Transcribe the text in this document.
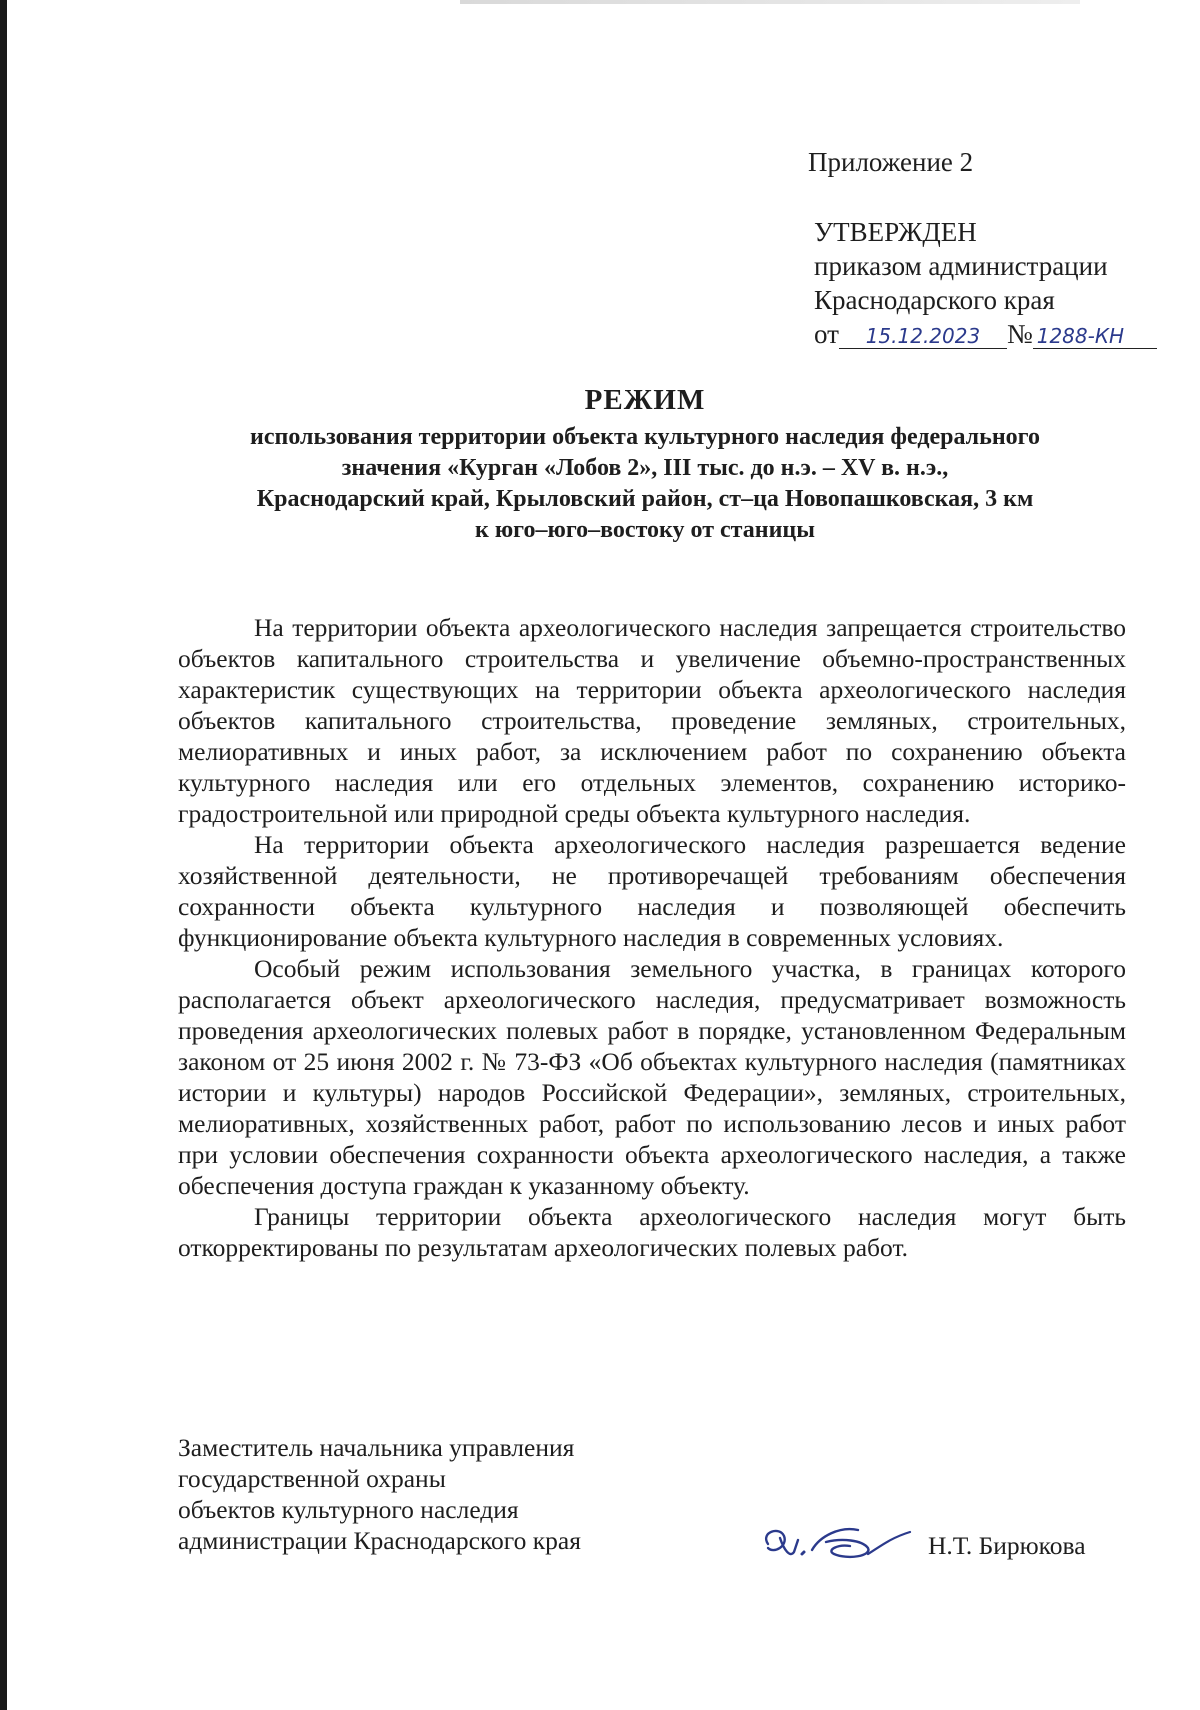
Приложение 2
УТВЕРЖДЕН
приказом администрации
Краснодарского края
от	15.12.2023 № 1288-КН
РЕЖИМ
использования территории объекта культурного наследия федерального
значения «Курган «Лобов 2», III тыс. до н.э. – XV в. н.э.,
Краснодарский край, Крыловский район, ст–ца Новопашковская, 3 км
к юго–юго–востоку от станицы

На территории объекта археологического наследия запрещается строительство объектов капитального строительства и увеличение объемно-пространственных характеристик существующих на территории объекта археологического наследия объектов капитального строительства, проведение земляных, строительных, мелиоративных и иных работ, за исключением работ по сохранению объекта культурного наследия или его отдельных элементов, сохранению историко-градостроительной или природной среды объекта культурного наследия.

На территории объекта археологического наследия разрешается ведение хозяйственной деятельности, не противоречащей требованиям обеспечения сохранности объекта культурного наследия и позволяющей обеспечить функционирование объекта культурного наследия в современных условиях.

Особый режим использования земельного участка, в границах которого располагается объект археологического наследия, предусматривает возможность проведения археологических полевых работ в порядке, установленном Федеральным законом от 25 июня 2002 г. № 73-ФЗ «Об объектах культурного наследия (памятниках истории и культуры) народов Российской Федерации», земляных, строительных, мелиоративных, хозяйственных работ, работ по использованию лесов и иных работ при условии обеспечения сохранности объекта археологического наследия, а также обеспечения доступа граждан к указанному объекту.

Границы территории объекта археологического наследия могут быть откорректированы по результатам археологических полевых работ.

Заместитель начальника управления
государственной охраны
объектов культурного наследия
администрации Краснодарского края	Н.Т. Бирюкова
